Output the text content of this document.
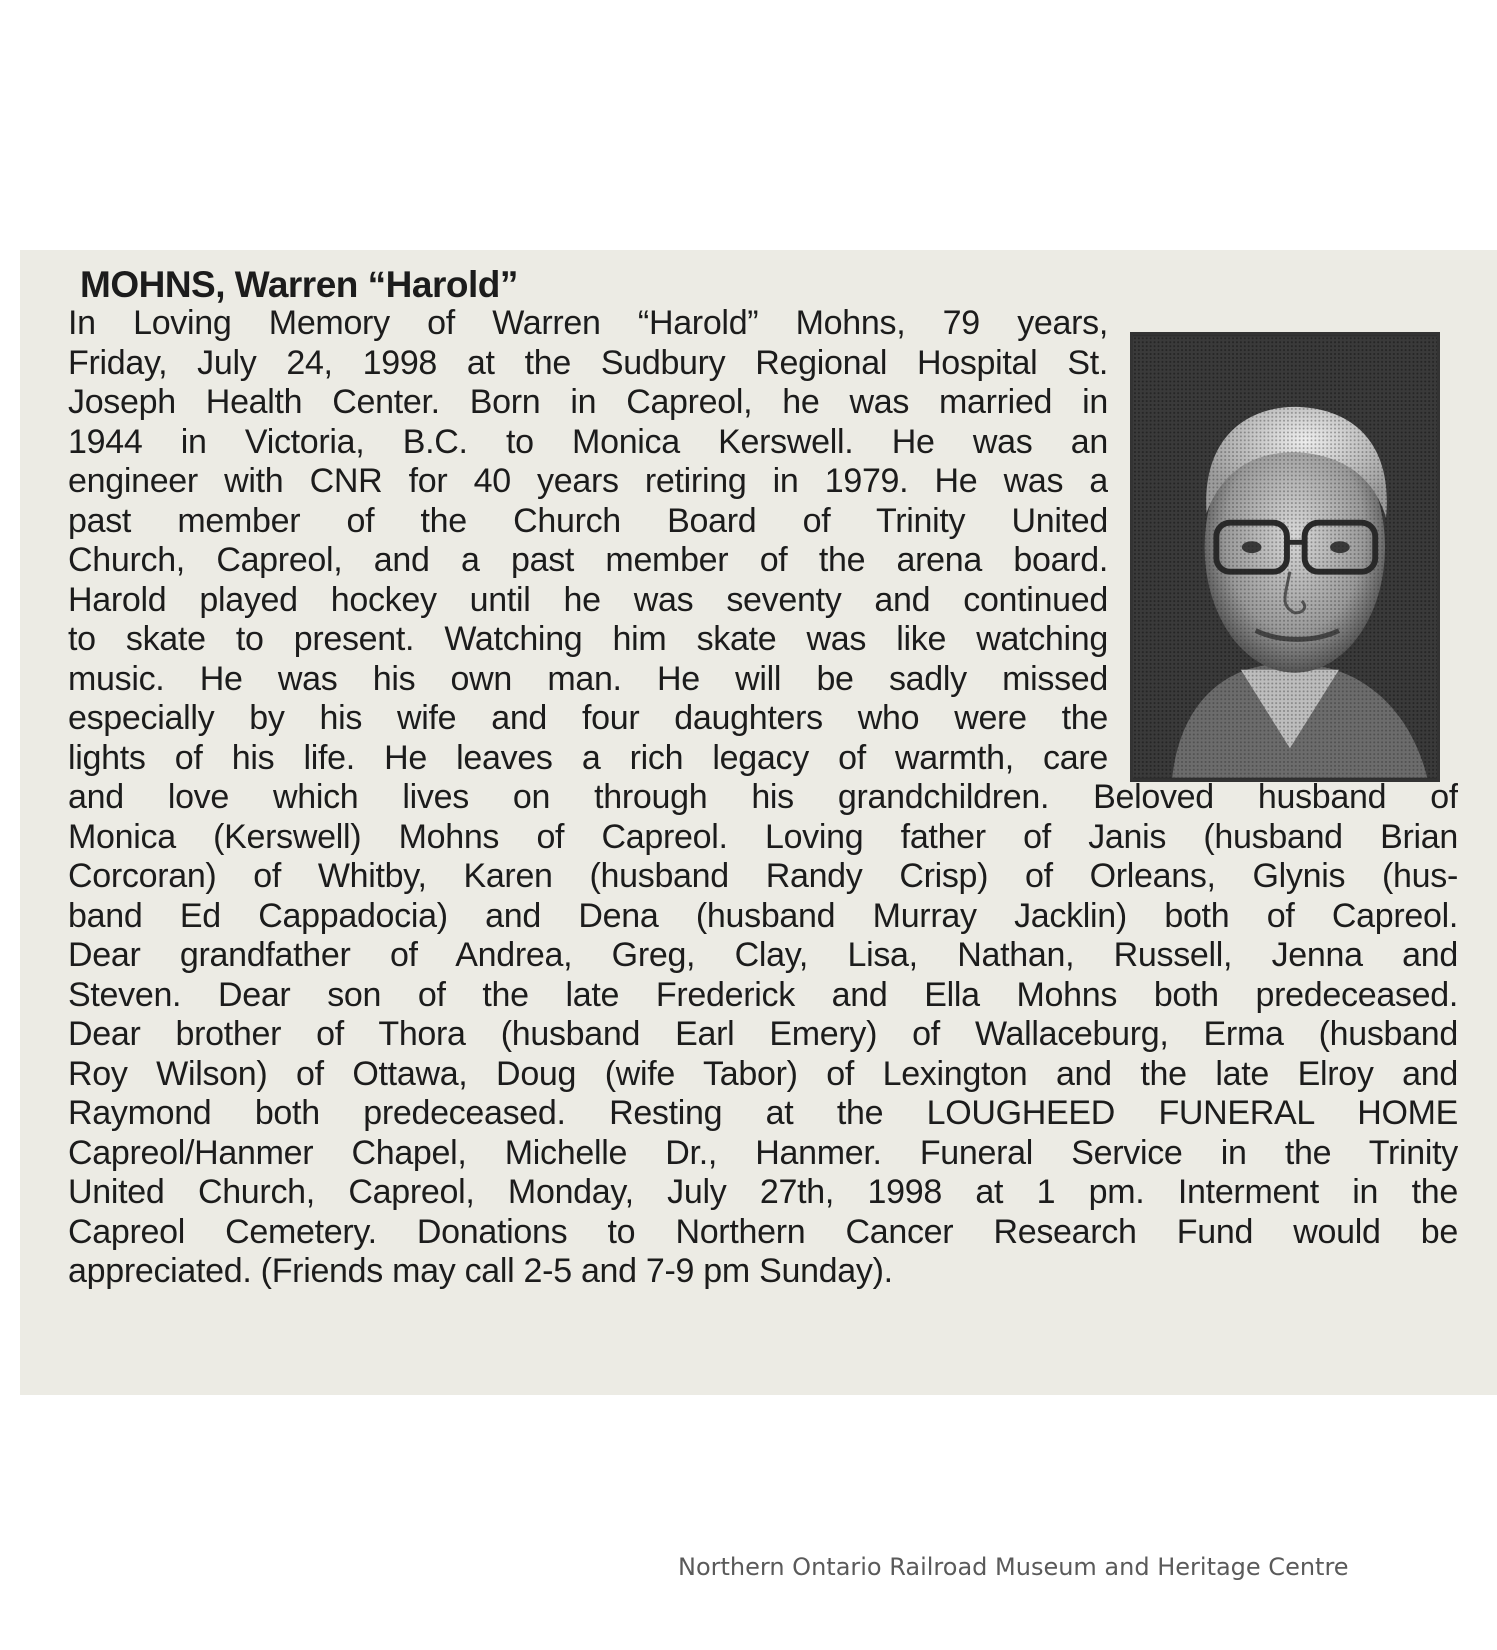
MOHNS, Warren “Harold”
In Loving Memory of Warren “Harold” Mohns, 79 years,
Friday, July 24, 1998 at the Sudbury Regional Hospital St.
Joseph Health Center. Born in Capreol, he was married in
1944 in Victoria, B.C. to Monica Kerswell. He was an
engineer with CNR for 40 years retiring in 1979. He was a
past member of the Church Board of Trinity United
Church, Capreol, and a past member of the arena board.
Harold played hockey until he was seventy and continued
to skate to present. Watching him skate was like watching
music. He was his own man. He will be sadly missed
especially by his wife and four daughters who were the
lights of his life. He leaves a rich legacy of warmth, care
and love which lives on through his grandchildren. Beloved husband of
Monica (Kerswell) Mohns of Capreol. Loving father of Janis (husband Brian
Corcoran) of Whitby, Karen (husband Randy Crisp) of Orleans, Glynis (hus-
band Ed Cappadocia) and Dena (husband Murray Jacklin) both of Capreol.
Dear grandfather of Andrea, Greg, Clay, Lisa, Nathan, Russell, Jenna and
Steven. Dear son of the late Frederick and Ella Mohns both predeceased.
Dear brother of Thora (husband Earl Emery) of Wallaceburg, Erma (husband
Roy Wilson) of Ottawa, Doug (wife Tabor) of Lexington and the late Elroy and
Raymond both predeceased. Resting at the LOUGHEED FUNERAL HOME
Capreol/Hanmer Chapel, Michelle Dr., Hanmer. Funeral Service in the Trinity
United Church, Capreol, Monday, July 27th, 1998 at 1 pm. Interment in the
Capreol Cemetery. Donations to Northern Cancer Research Fund would be
appreciated. (Friends may call 2-5 and 7-9 pm Sunday).
Northern Ontario Railroad Museum and Heritage Centre
